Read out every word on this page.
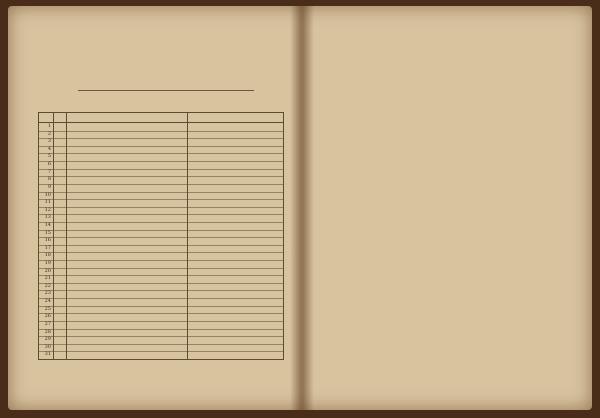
1
2
3
4
5
6
7
8
9
10
11
12
13
14
15
16
17
18
19
20
21
22
23
24
25
26
27
28
29
30
31
